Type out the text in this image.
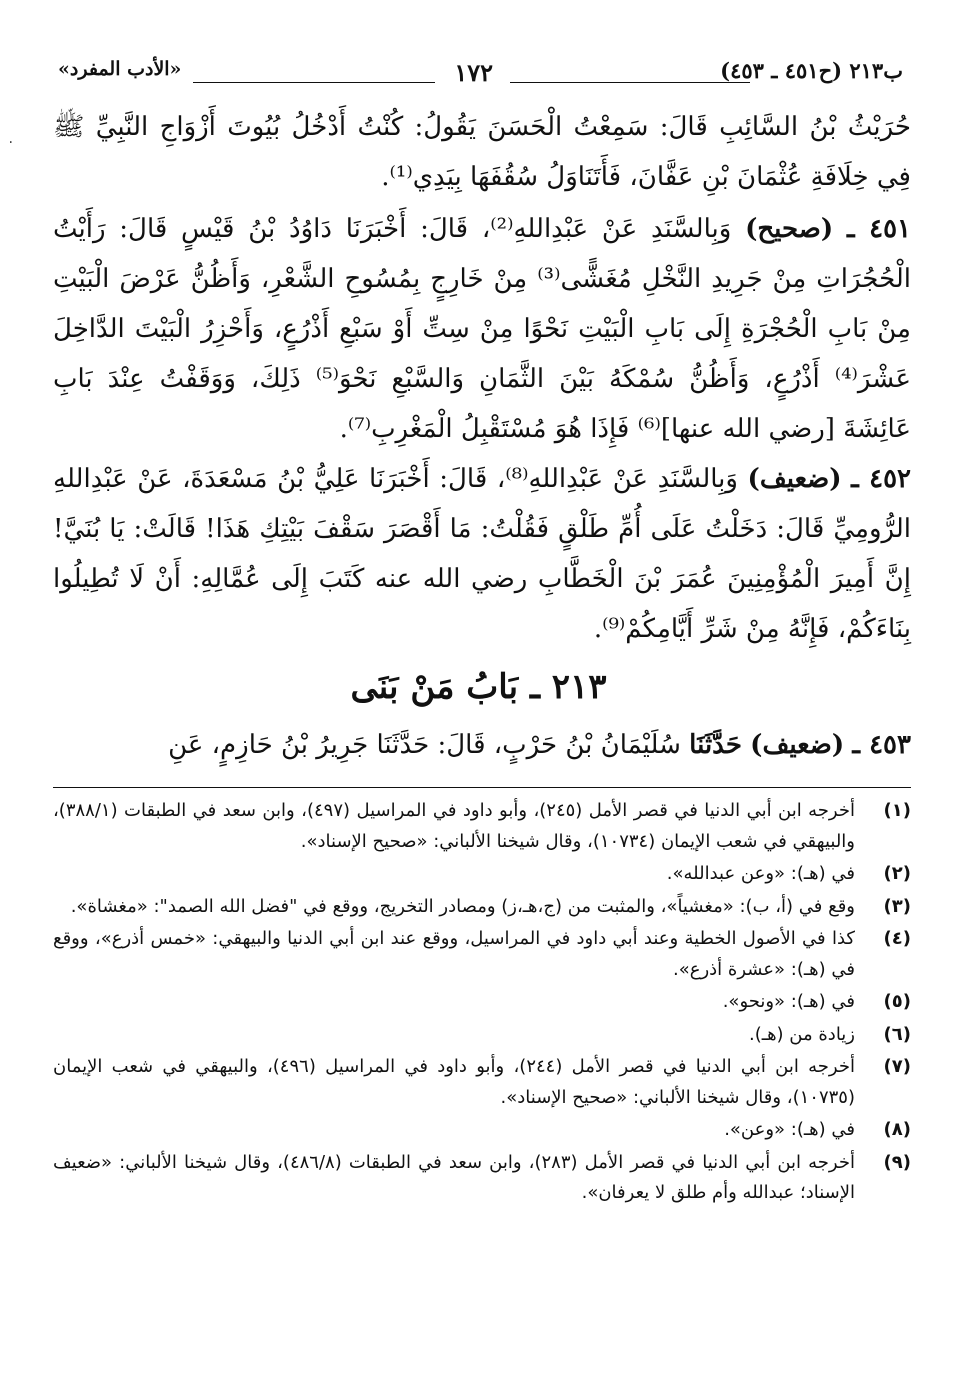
ب٢١٣ (ح٤٥١ ـ ٤٥٣)
١٧٢
«الأدب المفرد»
٠ حُرَيْثُ بْنُ السَّائِبِ قَالَ: سَمِعْتُ الْحَسَنَ يَقُولُ: كُنْتُ أَدْخُلُ بُيُوتَ أَزْوَاجِ النَّبِيِّ ﷺ فِي خِلَافَةِ عُثْمَانَ بْنِ عَفَّانَ، فَأَتَنَاوَلُ سُقُفَهَا بِيَدِي⁽¹⁾.

٤٥١ ـ (صحيح) وَبِالسَّنَدِ عَنْ عَبْدِاللهِ⁽²⁾، قَالَ: أَخْبَرَنَا دَاوُدُ بْنُ قَيْسٍ قَالَ: رَأَيْتُ الْحُجُرَاتِ مِنْ جَرِيدِ النَّخْلِ مُغَشًّى⁽³⁾ مِنْ خَارِجٍ بِمُسُوحِ الشَّعْرِ، وَأَظُنُّ عَرْضَ الْبَيْتِ مِنْ بَابِ الْحُجْرَةِ إِلَى بَابِ الْبَيْتِ نَحْوًا مِنْ سِتِّ أَوْ سَبْعِ أَذْرُعٍ، وَأَحْزِرُ الْبَيْتَ الدَّاخِلَ عَشْرَ⁽⁴⁾ أَذْرُعٍ، وَأَظُنُّ سُمْكَهُ بَيْنَ الثَّمَانِ وَالسَّبْعِ نَحْوَ⁽⁵⁾ ذَلِكَ، وَوَقَفْتُ عِنْدَ بَابِ عَائِشَةَ [رضي الله عنها]⁽⁶⁾ فَإِذَا هُوَ مُسْتَقْبِلُ الْمَغْرِبِ⁽⁷⁾.

٤٥٢ ـ (ضعيف) وَبِالسَّنَدِ عَنْ عَبْدِاللهِ⁽⁸⁾، قَالَ: أَخْبَرَنَا عَلِيُّ بْنُ مَسْعَدَةَ، عَنْ عَبْدِاللهِ الرُّومِيِّ قَالَ: دَخَلْتُ عَلَى أُمِّ طَلْقٍ فَقُلْتُ: مَا أَقْصَرَ سَقْفَ بَيْتِكِ هَذَا! قَالَتْ: يَا بُنَيَّ! إِنَّ أَمِيرَ الْمُؤْمِنِينَ عُمَرَ بْنَ الْخَطَّابِ رضي الله عنه كَتَبَ إِلَى عُمَّالِهِ: أَنْ لَا تُطِيلُوا بِنَاءَكُمْ، فَإِنَّهُ مِنْ شَرِّ أَيَّامِكُمْ⁽⁹⁾.

٢١٣ ـ بَابُ مَنْ بَنَى

٤٥٣ ـ (ضعيف) حَدَّثَنَا سُلَيْمَانُ بْنُ حَرْبٍ، قَالَ: حَدَّثَنَا جَرِيرُ بْنُ حَازِمٍ، عَنِ

(١)
أخرجه ابن أبي الدنيا في قصر الأمل (٢٤٥)، وأبو داود في المراسيل (٤٩٧)، وابن سعد في الطبقات (٣٨٨/١)، والبيهقي في شعب الإيمان (١٠٧٣٤)، وقال شيخنا الألباني: «صحيح الإسناد».
(٢)
في (هـ): «وعن عبدالله».
(٣)
وقع في (أ، ب): «مغشياً»، والمثبت من (ج،هـ،ز) ومصادر التخريج، ووقع في "فضل الله الصمد": «مغشاة».
(٤)
كذا في الأصول الخطية وعند أبي داود في المراسيل، ووقع عند ابن أبي الدنيا والبيهقي: «خمس أذرع»، ووقع في (هـ): «عشرة أذرع».
(٥)
في (هـ): «ونحو».
(٦)
زيادة من (هـ).
(٧)
أخرجه ابن أبي الدنيا في قصر الأمل (٢٤٤)، وأبو داود في المراسيل (٤٩٦)، والبيهقي في شعب الإيمان (١٠٧٣٥)، وقال شيخنا الألباني: «صحيح الإسناد».
(٨)
في (هـ): «وعن».
(٩)
أخرجه ابن أبي الدنيا في قصر الأمل (٢٨٣)، وابن سعد في الطبقات (٤٨٦/٨)، وقال شيخنا الألباني: «ضعيف الإسناد؛ عبدالله وأم طلق لا يعرفان».
